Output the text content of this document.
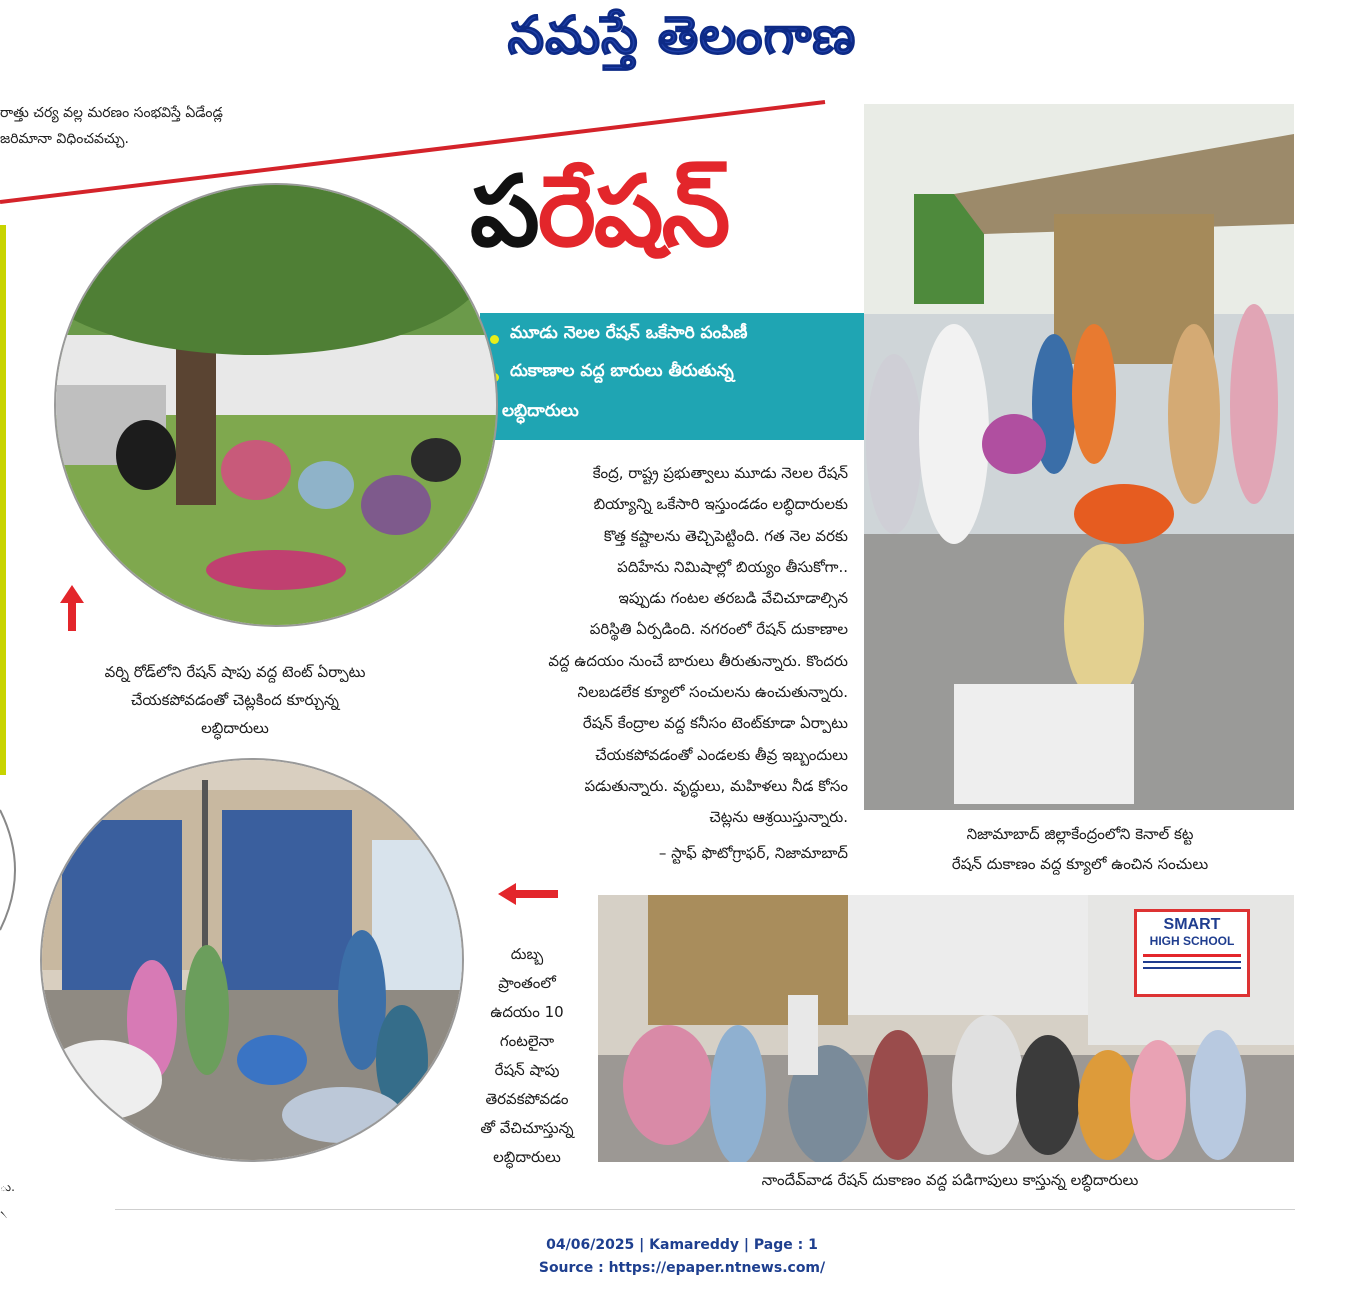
నమస్తే తెలంగాణ
రాత్తు చర్య వల్ల మరణం సంభవిస్తే ఏడేండ్ల
జరిమానా విధించవచ్చు.
పరేషన్
మూడు నెలల రేషన్ ఒకేసారి పంపిణీ
దుకాణాల వద్ద బారులు తీరుతున్న
లబ్ధిదారులు
కేంద్ర, రాష్ట్ర ప్రభుత్వాలు మూడు నెలల రేషన్
బియ్యాన్ని ఒకేసారి ఇస్తుండడం లబ్ధిదారులకు
కొత్త కష్టాలను తెచ్చిపెట్టింది. గత నెల వరకు
పదిహేను నిమిషాల్లో బియ్యం తీసుకోగా..
ఇప్పుడు గంటల తరబడి వేచిచూడాల్సిన
పరిస్థితి ఏర్పడింది. నగరంలో రేషన్ దుకాణాల
వద్ద ఉదయం నుంచే బారులు తీరుతున్నారు. కొందరు
నిలబడలేక క్యూలో సంచులను ఉంచుతున్నారు.
రేషన్ కేంద్రాల వద్ద కనీసం టెంట్‌కూడా ఏర్పాటు
చేయకపోవడంతో ఎండలకు తీవ్ర ఇబ్బందులు
పడుతున్నారు. వృద్ధులు, మహిళలు నీడ కోసం
చెట్లను ఆశ్రయిస్తున్నారు.
– స్టాఫ్ ఫొటోగ్రాఫర్, నిజామాబాద్
వర్ని రోడ్‌లోని రేషన్ షాపు వద్ద టెంట్ ఏర్పాటు
చేయకపోవడంతో చెట్లకింద కూర్చున్న
లబ్ధిదారులు
దుబ్బ
ప్రాంతంలో
ఉదయం 10
గంటలైనా
రేషన్ షాపు
తెరవకపోవడం
తో వేచిచూస్తున్న
లబ్ధిదారులు
నిజామాబాద్ జిల్లాకేంద్రంలోని కెనాల్ కట్ట
రేషన్ దుకాణం వద్ద క్యూలో ఉంచిన సంచులు
SMART
HIGH SCHOOL
నాందేవ్‌వాడ రేషన్ దుకాణం వద్ద పడిగాపులు కాస్తున్న లబ్ధిదారులు
ు.
৲
04/06/2025 | Kamareddy | Page : 1
Source : https://epaper.ntnews.com/
